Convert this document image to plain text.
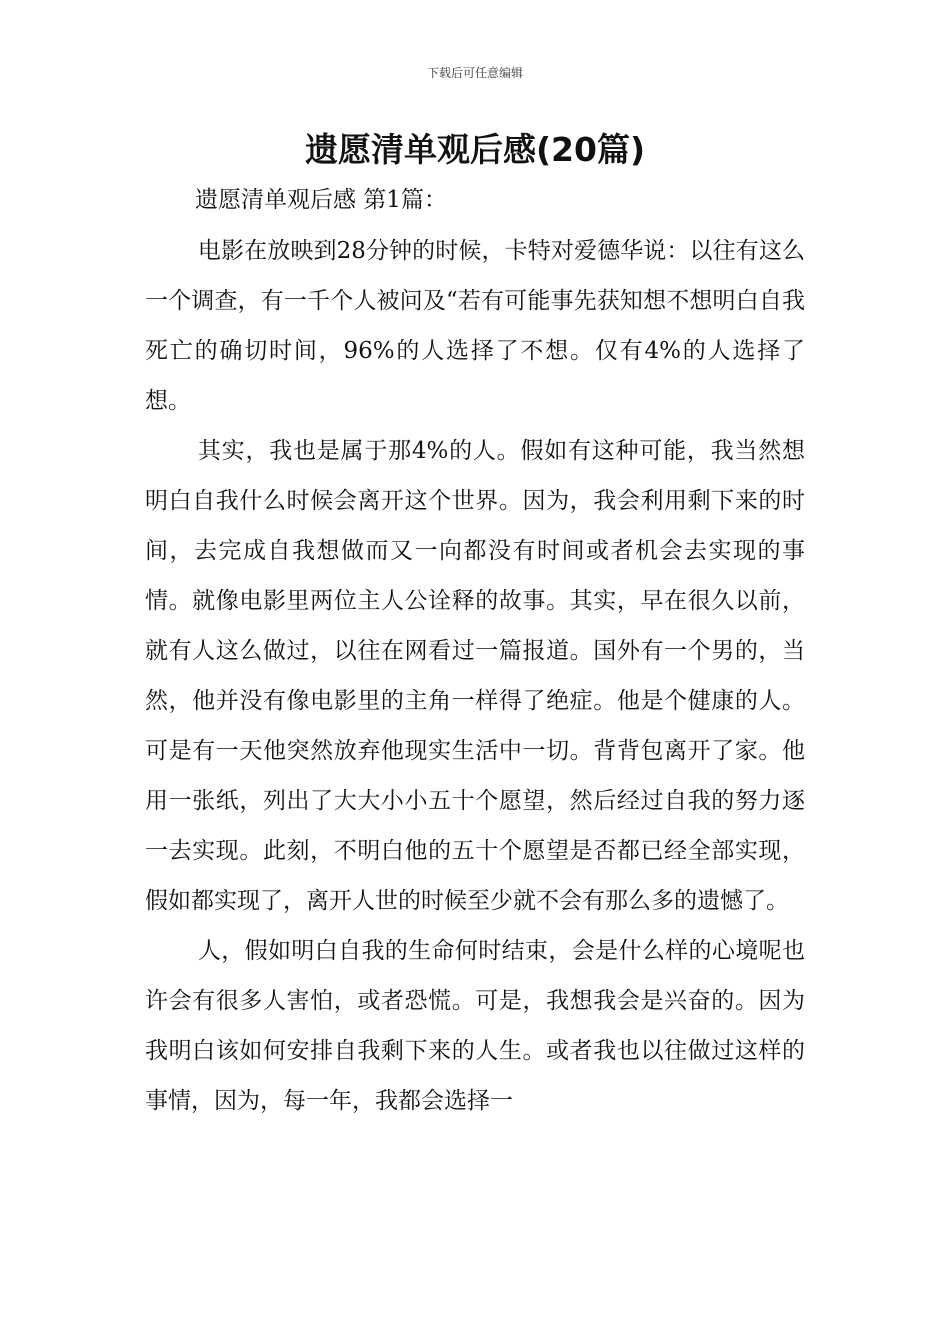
下载后可任意编辑
遗愿清单观后感(20篇)

遗愿清单观后感 第1篇：

电影在放映到28分钟的时候，卡特对爱德华说：以往有这么一个调查，有一千个人被问及“若有可能事先获知想不想明白自我死亡的确切时间，96%的人选择了不想。仅有4%的人选择了想。

其实，我也是属于那4%的人。假如有这种可能，我当然想明白自我什么时候会离开这个世界。因为，我会利用剩下来的时间，去完成自我想做而又一向都没有时间或者机会去实现的事情。就像电影里两位主人公诠释的故事。其实，早在很久以前，就有人这么做过，以往在网看过一篇报道。国外有一个男的，当然，他并没有像电影里的主角一样得了绝症。他是个健康的人。可是有一天他突然放弃他现实生活中一切。背背包离开了家。他用一张纸，列出了大大小小五十个愿望，然后经过自我的努力逐一去实现。此刻，不明白他的五十个愿望是否都已经全部实现，假如都实现了，离开人世的时候至少就不会有那么多的遗憾了。

人，假如明白自我的生命何时结束，会是什么样的心境呢也许会有很多人害怕，或者恐慌。可是，我想我会是兴奋的。因为我明白该如何安排自我剩下来的人生。或者我也以往做过这样的事情，因为，每一年，我都会选择一
